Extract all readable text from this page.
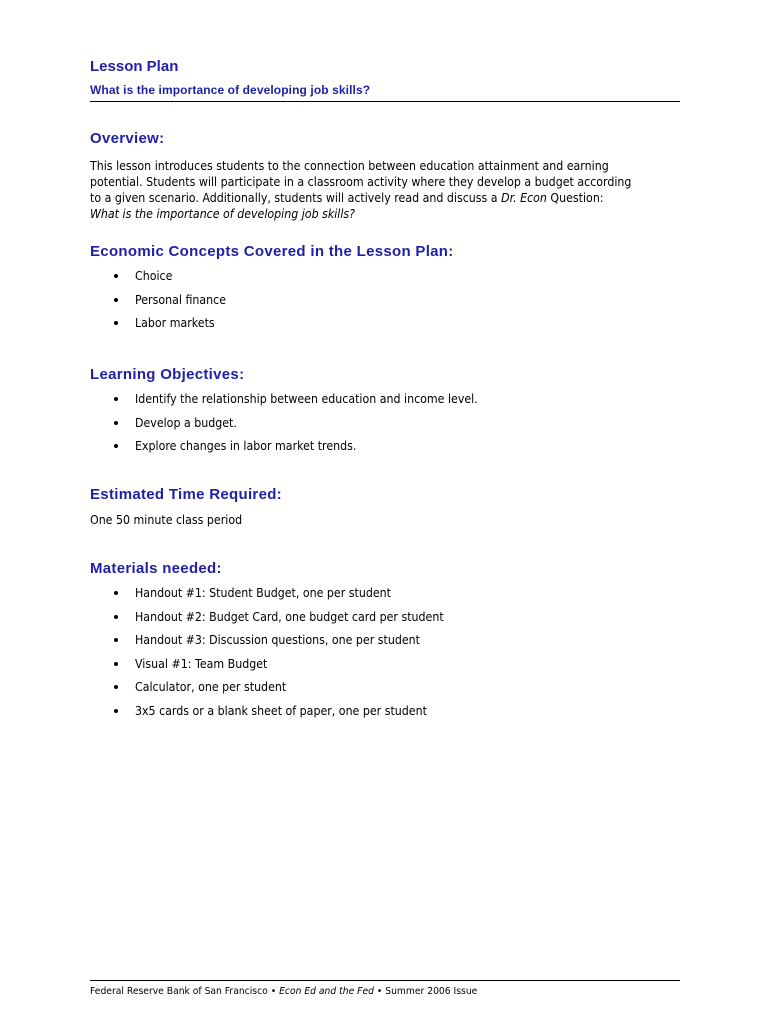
Lesson Plan
What is the importance of developing job skills?
Overview:
This lesson introduces students to the connection between education attainment and earning potential. Students will participate in a classroom activity where they develop a budget according to a given scenario. Additionally, students will actively read and discuss a Dr. Econ Question: What is the importance of developing job skills?
Economic Concepts Covered in the Lesson Plan:
Choice
Personal finance
Labor markets
Learning Objectives:
Identify the relationship between education and income level.
Develop a budget.
Explore changes in labor market trends.
Estimated Time Required:
One 50 minute class period
Materials needed:
Handout #1: Student Budget, one per student
Handout #2: Budget Card, one budget card per student
Handout #3: Discussion questions, one per student
Visual #1: Team Budget
Calculator, one per student
3x5 cards or a blank sheet of paper, one per student
Federal Reserve Bank of San Francisco • Econ Ed and the Fed • Summer 2006 Issue
